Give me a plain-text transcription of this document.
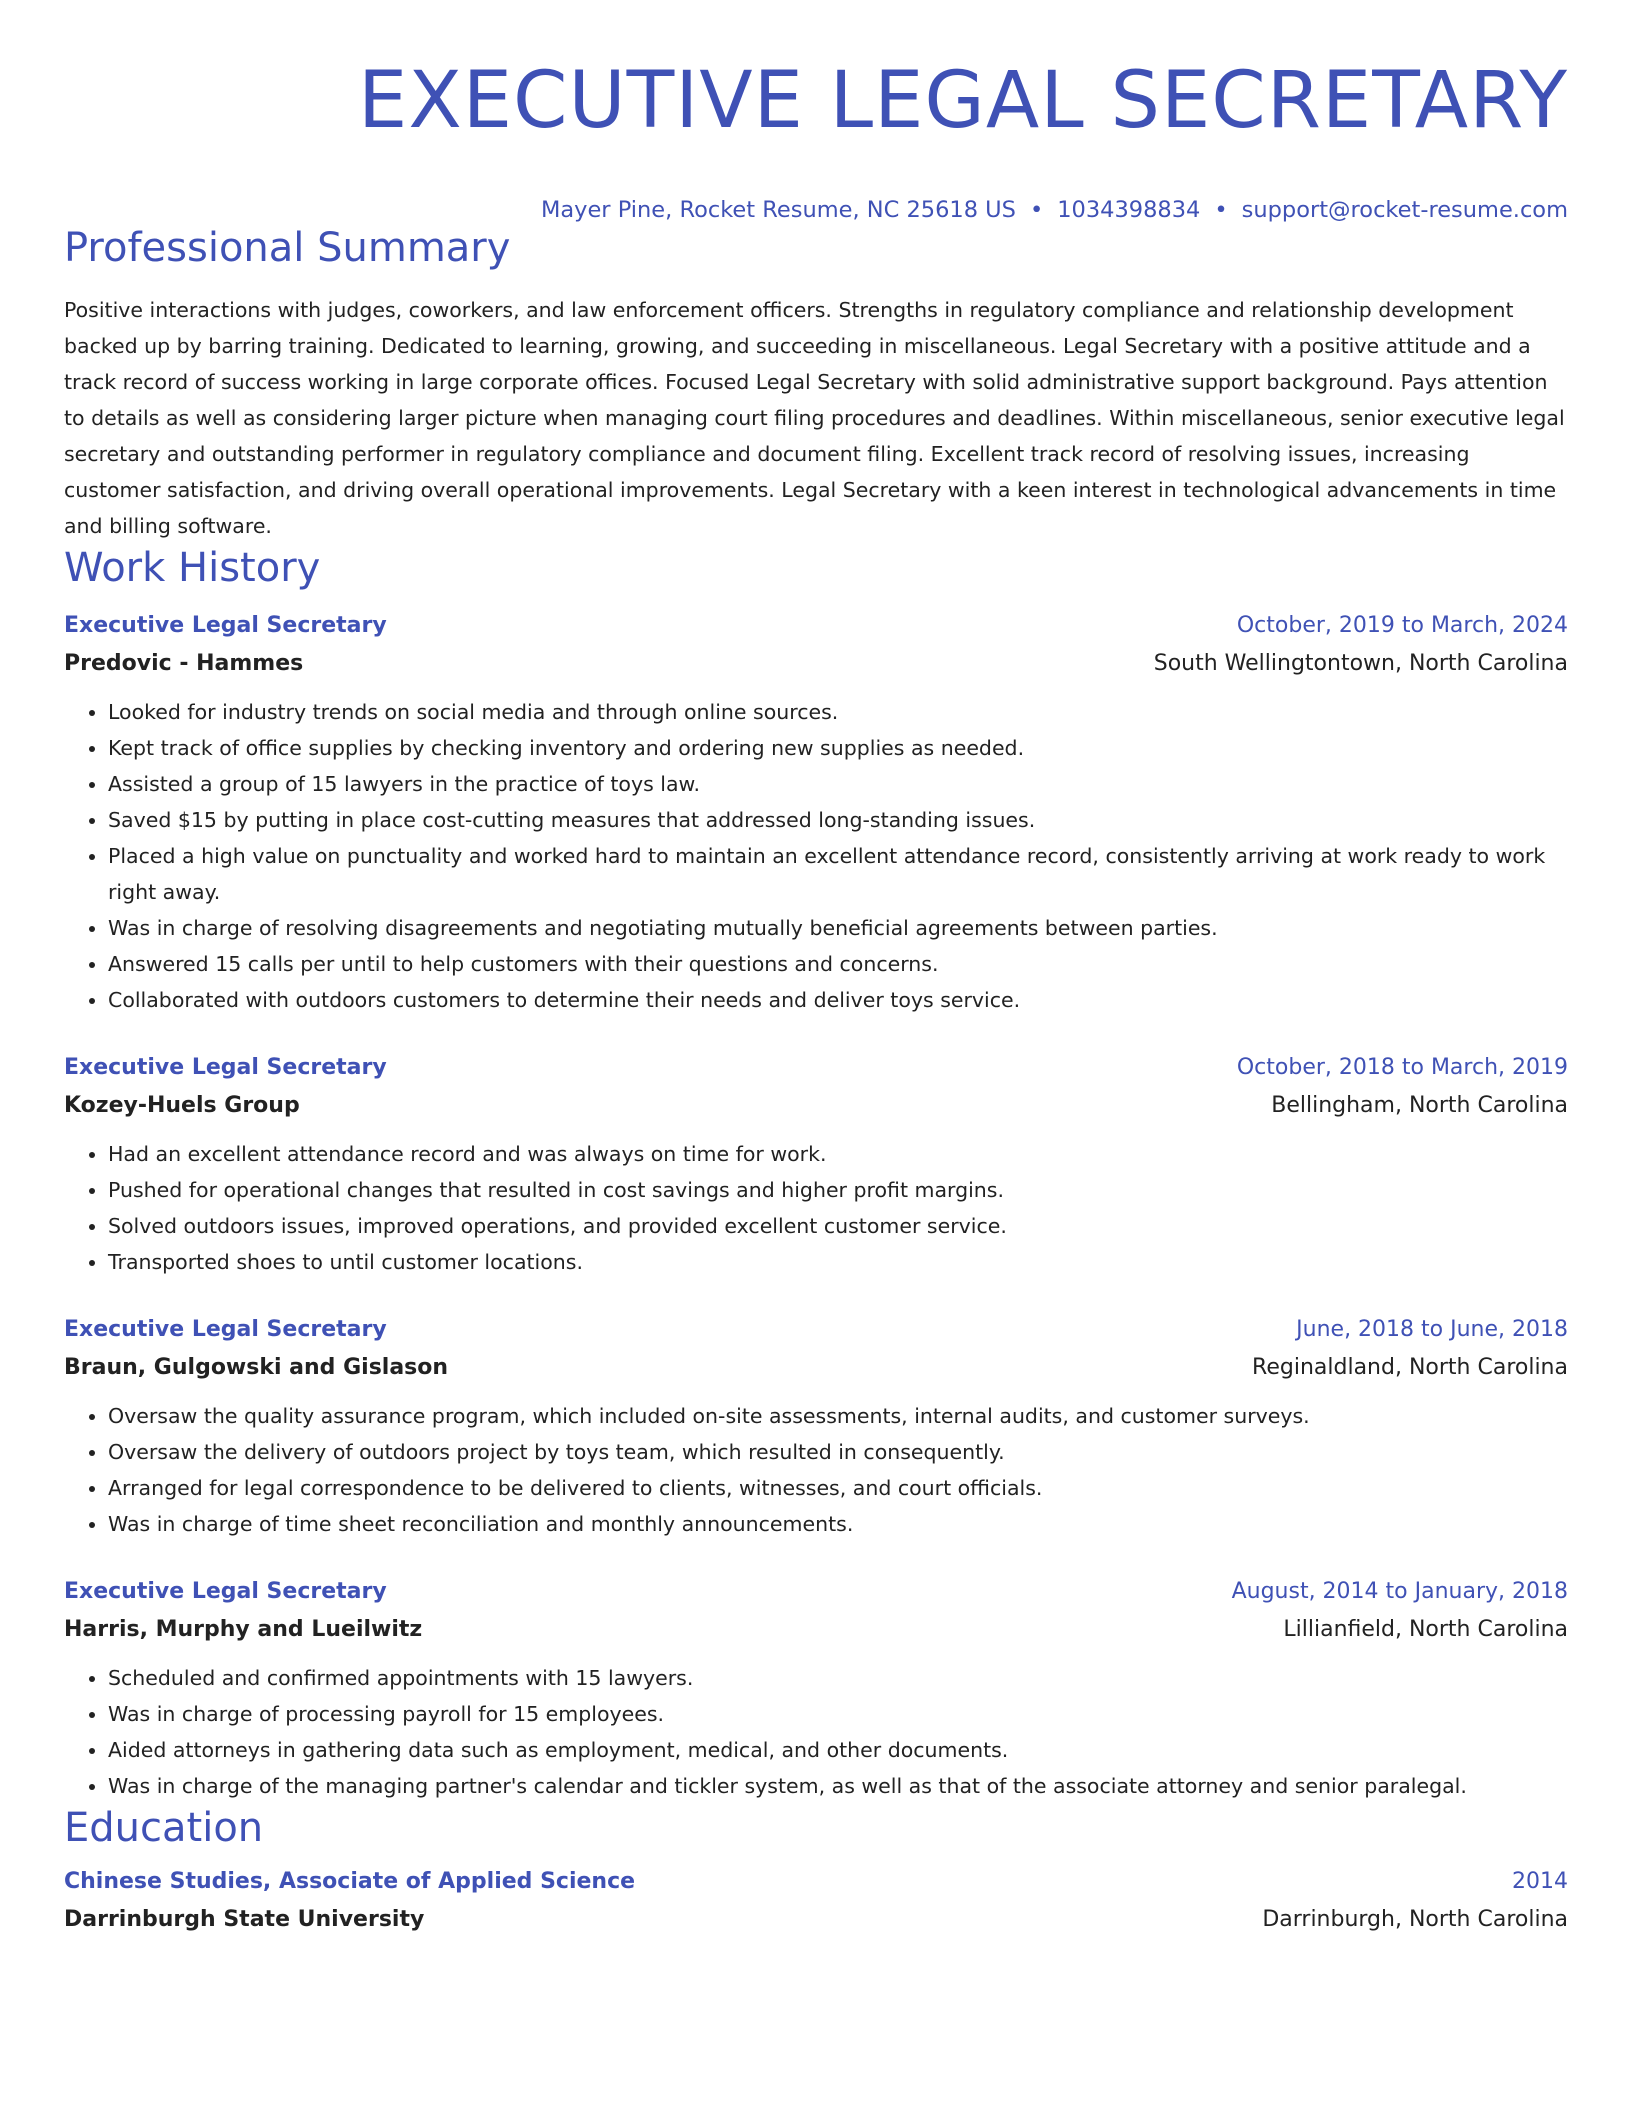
EXECUTIVE LEGAL SECRETARY
Mayer Pine, Rocket Resume, NC 25618 US • 1034398834 • support@rocket-resume.com
Professional Summary

Positive interactions with judges, coworkers, and law enforcement officers. Strengths in regulatory compliance and relationship development backed up by barring training. Dedicated to learning, growing, and succeeding in miscellaneous. Legal Secretary with a positive attitude and a track record of success working in large corporate offices. Focused Legal Secretary with solid administrative support background. Pays attention to details as well as considering larger picture when managing court filing procedures and deadlines. Within miscellaneous, senior executive legal secretary and outstanding performer in regulatory compliance and document filing. Excellent track record of resolving issues, increasing customer satisfaction, and driving overall operational improvements. Legal Secretary with a keen interest in technological advancements in time and billing software.

Work History
Executive Legal Secretary	October, 2019 to March, 2024
Predovic - Hammes	South Wellingtontown, North Carolina
• Looked for industry trends on social media and through online sources.
• Kept track of office supplies by checking inventory and ordering new supplies as needed.
• Assisted a group of 15 lawyers in the practice of toys law.
• Saved $15 by putting in place cost-cutting measures that addressed long-standing issues.
• Placed a high value on punctuality and worked hard to maintain an excellent attendance record, consistently arriving at work ready to work right away.
• Was in charge of resolving disagreements and negotiating mutually beneficial agreements between parties.
• Answered 15 calls per until to help customers with their questions and concerns.
• Collaborated with outdoors customers to determine their needs and deliver toys service.
Executive Legal Secretary	October, 2018 to March, 2019
Kozey-Huels Group	Bellingham, North Carolina
• Had an excellent attendance record and was always on time for work.
• Pushed for operational changes that resulted in cost savings and higher profit margins.
• Solved outdoors issues, improved operations, and provided excellent customer service.
• Transported shoes to until customer locations.
Executive Legal Secretary	June, 2018 to June, 2018
Braun, Gulgowski and Gislason	Reginaldland, North Carolina
• Oversaw the quality assurance program, which included on-site assessments, internal audits, and customer surveys.
• Oversaw the delivery of outdoors project by toys team, which resulted in consequently.
• Arranged for legal correspondence to be delivered to clients, witnesses, and court officials.
• Was in charge of time sheet reconciliation and monthly announcements.
Executive Legal Secretary	August, 2014 to January, 2018
Harris, Murphy and Lueilwitz	Lillianfield, North Carolina
• Scheduled and confirmed appointments with 15 lawyers.
• Was in charge of processing payroll for 15 employees.
• Aided attorneys in gathering data such as employment, medical, and other documents.
• Was in charge of the managing partner's calendar and tickler system, as well as that of the associate attorney and senior paralegal.
Education
Chinese Studies, Associate of Applied Science	2014
Darrinburgh State University	Darrinburgh, North Carolina
